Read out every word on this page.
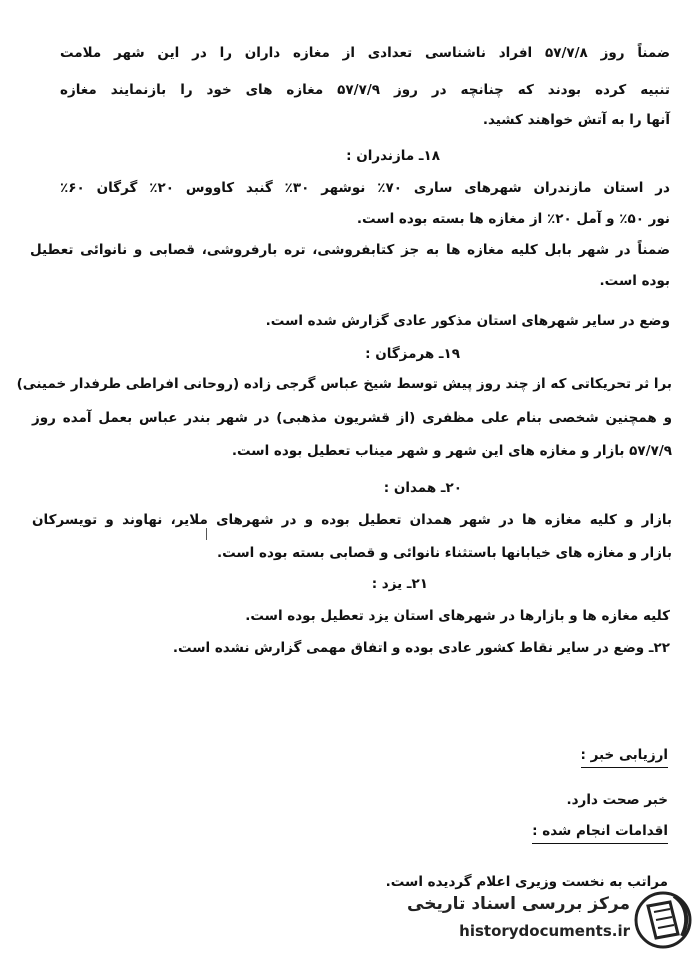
ضمناً روز ۵۷/۷/۸ افراد ناشناسی تعدادی از مغازه داران را در این شهر ملامت
تنبیه کرده بودند که چنانچه در روز ۵۷/۷/۹ مغازه های خود را بازنمایند مغازه
آنها را به آتش خواهند کشید.
۱۸ـ مازندران :
در استان مازندران شهرهای ساری ۷۰٪ نوشهر ۳۰٪ گنبد کاووس ۲۰٪ گرگان ۶۰٪
نور ۵۰٪ و آمل ۲۰٪ از مغازه ها بسته بوده است.
ضمناً در شهر بابل کلیه مغازه ها به جز کتابفروشی، تره بارفروشی، قصابی و نانوائی تعطیل
بوده است.
وضع در سایر شهرهای استان مذکور عادی گزارش شده است.
۱۹ـ هرمزگان :
برا ثر تحریکاتی که از چند روز پیش توسط شیخ عباس گرجی زاده (روحانی افراطی طرفدار خمینی)
و همچنین شخصی بنام علی مظفری (از قشریون مذهبی) در شهر بندر عباس بعمل آمده روز
۵۷/۷/۹ بازار و مغازه های این شهر و شهر میناب تعطیل بوده است.
۲۰ـ همدان :
بازار و کلیه مغازه ها در شهر همدان تعطیل بوده و در شهرهای ملایر، نهاوند و تویسرکان
بازار و مغازه های خیابانها باستثناء نانوائی و قصابی بسته بوده است.
۲۱ـ یزد :
کلیه مغازه ها و بازارها در شهرهای استان یزد تعطیل بوده است.
۲۲ـ وضع در سایر نقاط کشور عادی بوده و اتفاق مهمی گزارش نشده است.
ارزیابی خبر :
خبر صحت دارد.
اقدامات انجام شده :
مراتب به نخست وزیری اعلام گردیده است.
مرکز بررسی اسناد تاریخی
historydocuments.ir
